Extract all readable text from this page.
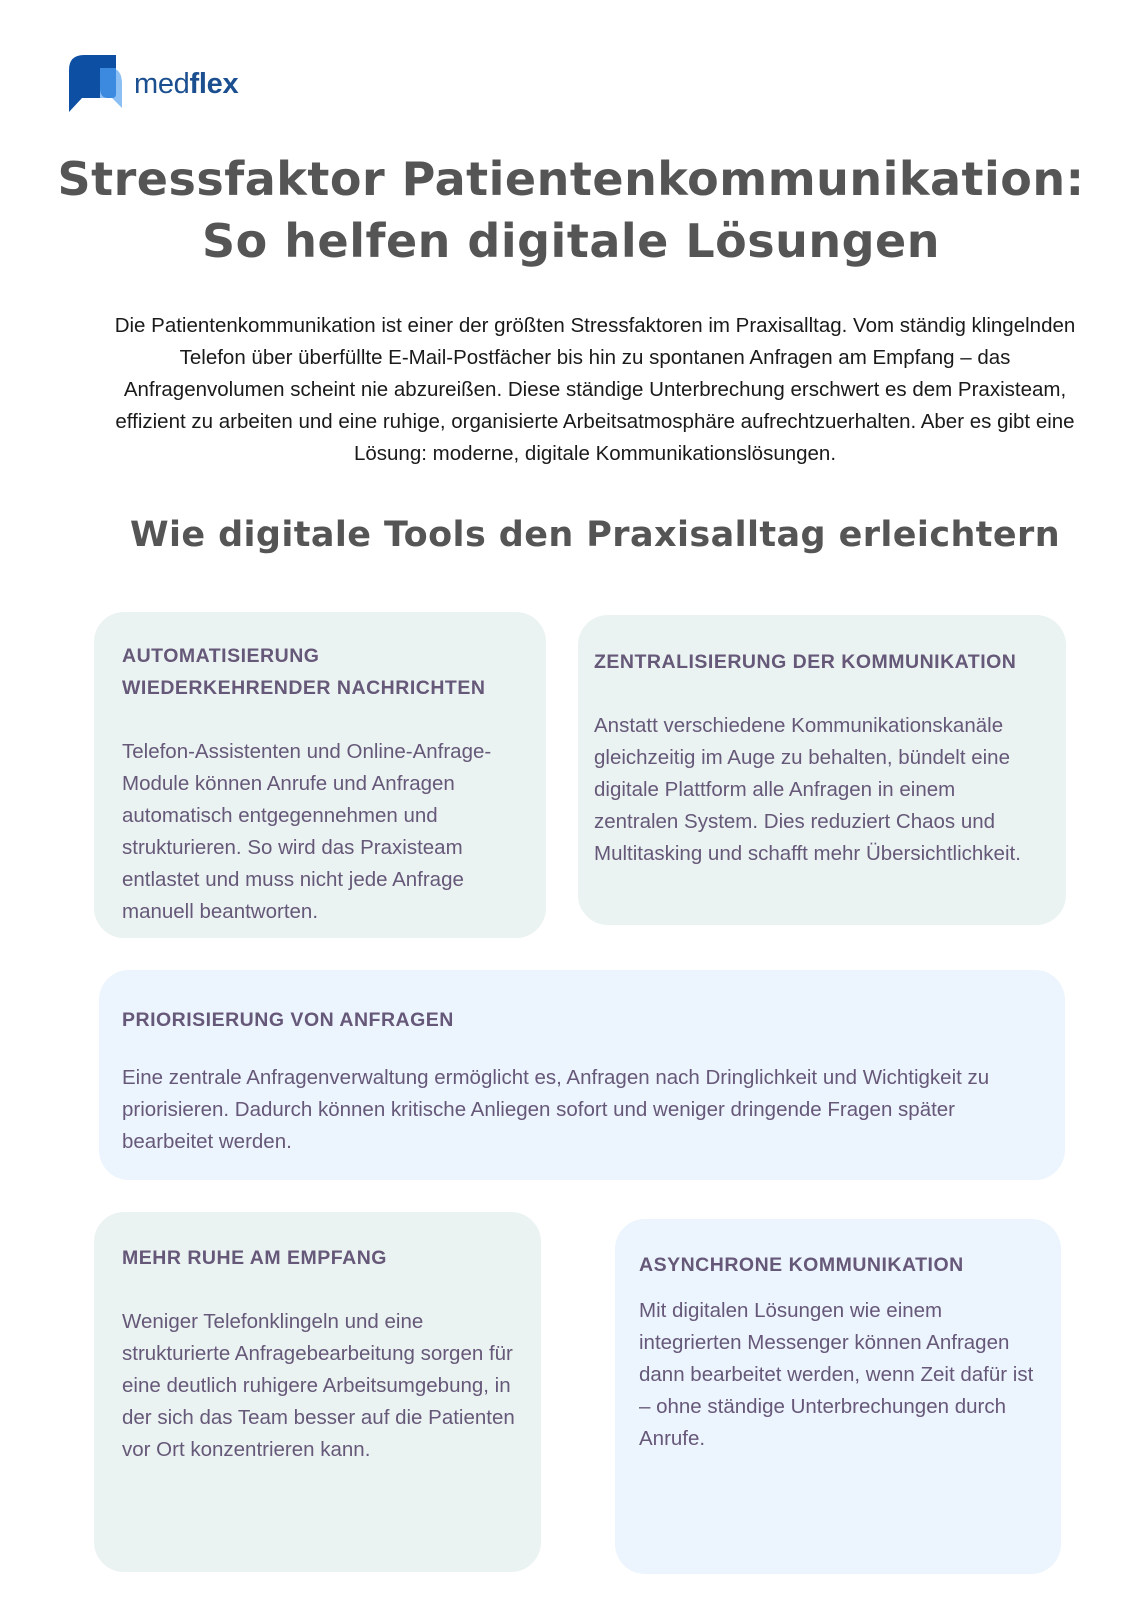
medflex
Stressfaktor Patientenkommunikation:
So helfen digitale Lösungen
Die Patientenkommunikation ist einer der größten Stressfaktoren im Praxisalltag. Vom ständig klingelnden Telefon über überfüllte E-Mail-Postfächer bis hin zu spontanen Anfragen am Empfang – das Anfragenvolumen scheint nie abzureißen. Diese ständige Unterbrechung erschwert es dem Praxisteam, effizient zu arbeiten und eine ruhige, organisierte Arbeitsatmosphäre aufrechtzuerhalten. Aber es gibt eine Lösung: moderne, digitale Kommunikationslösungen.
Wie digitale Tools den Praxisalltag erleichtern
AUTOMATISIERUNG WIEDERKEHRENDER NACHRICHTEN

Telefon-Assistenten und Online-Anfrage-Module können Anrufe und Anfragen automatisch entgegennehmen und strukturieren. So wird das Praxisteam entlastet und muss nicht jede Anfrage manuell beantworten.

ZENTRALISIERUNG DER KOMMUNIKATION

Anstatt verschiedene Kommunikationskanäle gleichzeitig im Auge zu behalten, bündelt eine digitale Plattform alle Anfragen in einem zentralen System. Dies reduziert Chaos und Multitasking und schafft mehr Übersichtlichkeit.

PRIORISIERUNG VON ANFRAGEN

Eine zentrale Anfragenverwaltung ermöglicht es, Anfragen nach Dringlichkeit und Wichtigkeit zu priorisieren. Dadurch können kritische Anliegen sofort und weniger dringende Fragen später bearbeitet werden.

MEHR RUHE AM EMPFANG

Weniger Telefonklingeln und eine strukturierte Anfragebearbeitung sorgen für eine deutlich ruhigere Arbeitsumgebung, in der sich das Team besser auf die Patienten vor Ort konzentrieren kann.

ASYNCHRONE KOMMUNIKATION

Mit digitalen Lösungen wie einem integrierten Messenger können Anfragen dann bearbeitet werden, wenn Zeit dafür ist – ohne ständige Unterbrechungen durch Anrufe.
